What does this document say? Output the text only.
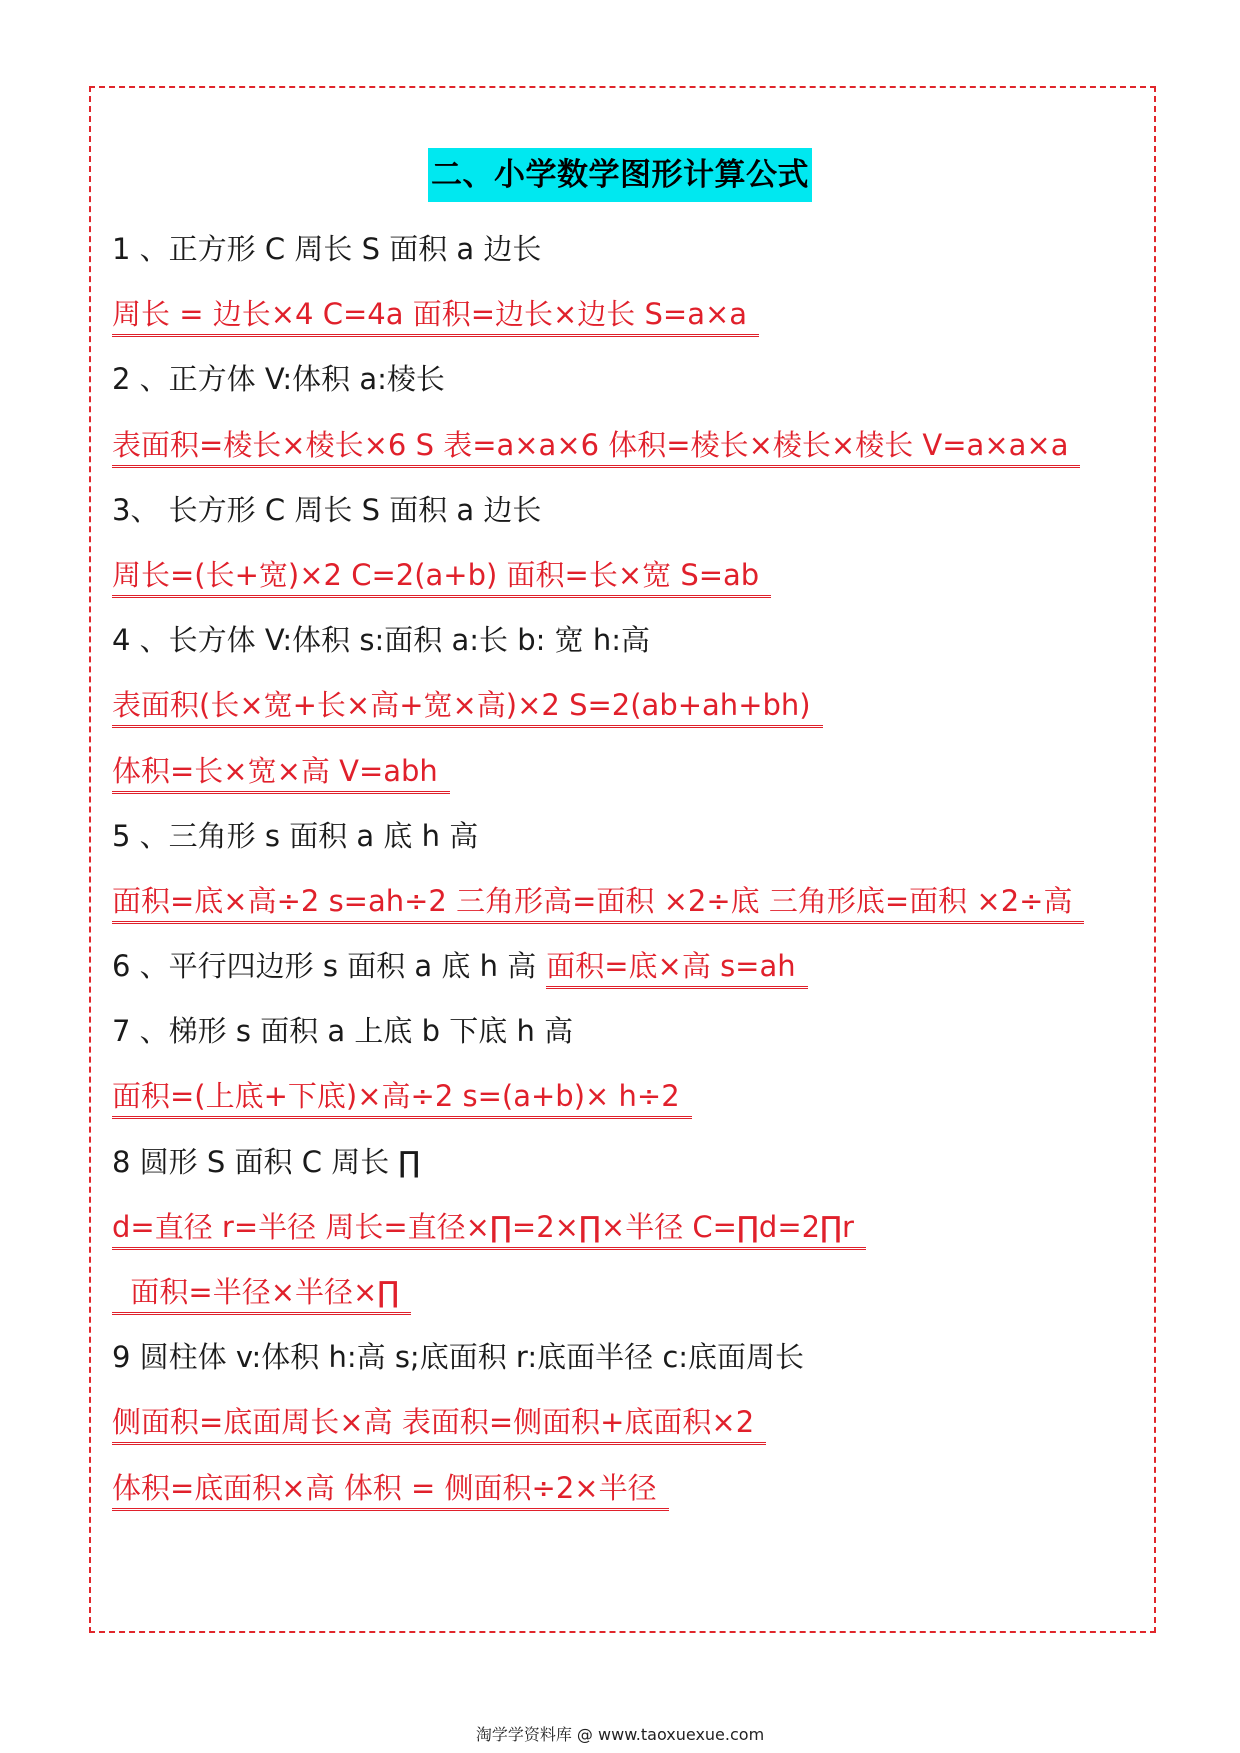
二、小学数学图形计算公式
1 、正方形 C 周长 S 面积 a 边长
周长 = 边长×4 C=4a 面积=边长×边长 S=a×a
2 、正方体 V:体积 a:棱长
表面积=棱长×棱长×6 S 表=a×a×6 体积=棱长×棱长×棱长 V=a×a×a
3、 长方形 C 周长 S 面积 a 边长
周长=(长+宽)×2 C=2(a+b) 面积=长×宽 S=ab
4 、长方体 V:体积 s:面积 a:长 b: 宽 h:高
表面积(长×宽+长×高+宽×高)×2 S=2(ab+ah+bh)
体积=长×宽×高 V=abh
5 、三角形 s 面积 a 底 h 高
面积=底×高÷2 s=ah÷2 三角形高=面积 ×2÷底 三角形底=面积 ×2÷高
6 、平行四边形 s 面积 a 底 h 高 面积=底×高 s=ah
7 、梯形 s 面积 a 上底 b 下底 h 高
面积=(上底+下底)×高÷2 s=(a+b)× h÷2
8 圆形 S 面积 C 周长 ∏
d=直径 r=半径 周长=直径×∏=2×∏×半径 C=∏d=2∏r
面积=半径×半径×∏
9 圆柱体 v:体积 h:高 s;底面积 r:底面半径 c:底面周长
侧面积=底面周长×高 表面积=侧面积+底面积×2
体积=底面积×高 体积 = 侧面积÷2×半径
淘学学资料库 @ www.taoxuexue.com
